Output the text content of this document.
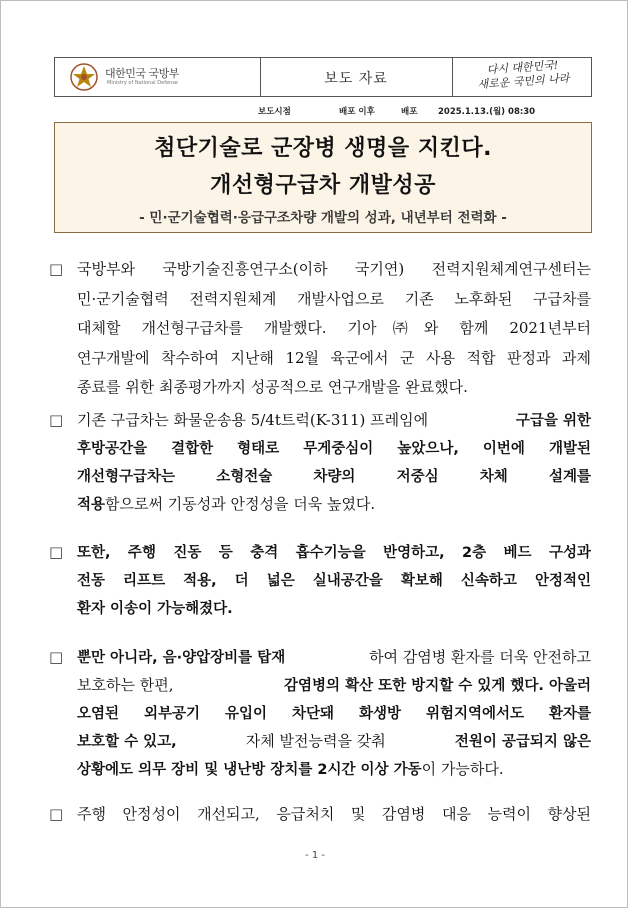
대한민국 국방부
Ministry of National Defense	보도 자료
다시 대한민국!
새로운 국민의 나라
보도시점	배포 이후	배포 2025.1.13.(월) 08:30
첨단기술로 군장병 생명을 지킨다.
개선형구급차 개발성공
- 민·군기술협력·응급구조차량 개발의 성과, 내년부터 전력화 -
□ 국방부와 국방기술진흥연구소(이하 국기연) 전력지원체계연구센터는
민·군기술협력 전력지원체계 개발사업으로 기존 노후화된 구급차를
대체할 개선형구급차를 개발했다. 기아㈜와 함께 2021년부터
연구개발에 착수하여 지난해 12월 육군에서 군 사용 적합 판정과 과제
종료를 위한 최종평가까지 성공적으로 연구개발을 완료했다.
□ 기존 구급차는 화물운송용 5/4t트럭(K-311) 프레임에	구급을 위한
후방공간을 결합한 형태로 무게중심이 높았으나, 이번에 개발된
개선형구급차는 소형전술 차량의 저중심 차체 설계를
적용함으로써 기동성과 안정성을 더욱 높였다.
□ 또한, 주행 진동 등 충격 흡수기능을 반영하고, 2층 베드 구성과
전동 리프트 적용, 더 넓은 실내공간을 확보해 신속하고 안정적인
환자 이송이 가능해졌다.
□ 뿐만 아니라, 음·양압장비를 탑재	하여 감염병 환자를 더욱 안전하고
보호하는 한편,	감염병의 확산 또한 방지할 수 있게 했다. 아울러
오염된 외부공기 유입이 차단돼 화생방 위험지역에서도 환자를
보호할 수 있고,	자체 발전능력을 갖춰	전원이 공급되지 않은
상황에도 의무 장비 및 냉난방 장치를 2시간 이상 가동이 가능하다.
□ 주행 안정성이 개선되고, 응급처치 및 감염병 대응 능력이 향상된
- 1 -
